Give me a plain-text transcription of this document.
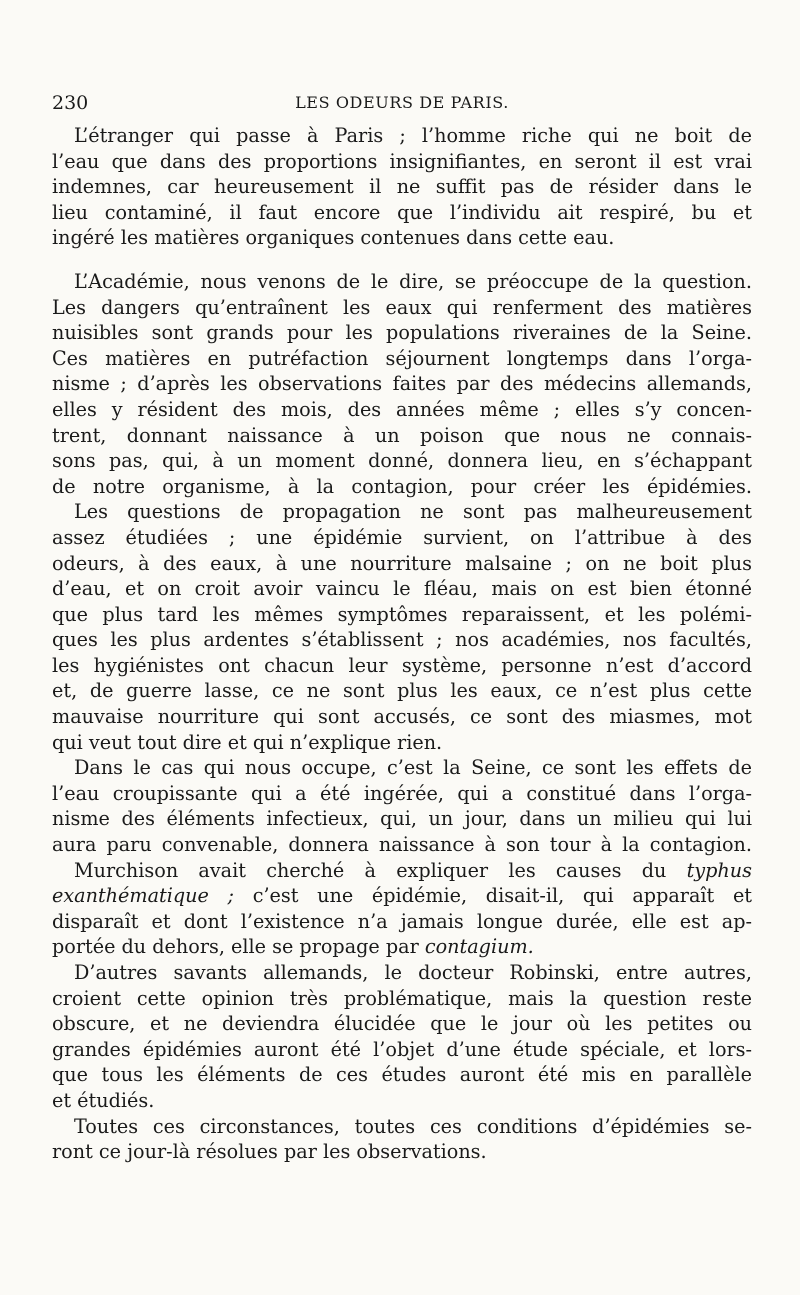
230	LES ODEURS DE PARIS.
L’étranger qui passe à Paris ; l’homme riche qui ne boit de
l’eau que dans des proportions insignifiantes, en seront il est vrai
indemnes, car heureusement il ne suffit pas de résider dans le
lieu contaminé, il faut encore que l’individu ait respiré, bu et
ingéré les matières organiques contenues dans cette eau.
L’Académie, nous venons de le dire, se préoccupe de la question.
Les dangers qu’entraînent les eaux qui renferment des matières
nuisibles sont grands pour les populations riveraines de la Seine.
Ces matières en putréfaction séjournent longtemps dans l’orga-
nisme ; d’après les observations faites par des médecins allemands,
elles y résident des mois, des années même ; elles s’y concen-
trent, donnant naissance à un poison que nous ne connais-
sons pas, qui, à un moment donné, donnera lieu, en s’échappant
de notre organisme, à la contagion, pour créer les épidémies.
Les questions de propagation ne sont pas malheureusement
assez étudiées ; une épidémie survient, on l’attribue à des
odeurs, à des eaux, à une nourriture malsaine ; on ne boit plus
d’eau, et on croit avoir vaincu le fléau, mais on est bien étonné
que plus tard les mêmes symptômes reparaissent, et les polémi-
ques les plus ardentes s’établissent ; nos académies, nos facultés,
les hygiénistes ont chacun leur système, personne n’est d’accord
et, de guerre lasse, ce ne sont plus les eaux, ce n’est plus cette
mauvaise nourriture qui sont accusés, ce sont des miasmes, mot
qui veut tout dire et qui n’explique rien.
Dans le cas qui nous occupe, c’est la Seine, ce sont les effets de
l’eau croupissante qui a été ingérée, qui a constitué dans l’orga-
nisme des éléments infectieux, qui, un jour, dans un milieu qui lui
aura paru convenable, donnera naissance à son tour à la contagion.
Murchison avait cherché à expliquer les causes du typhus
exanthématique ; c’est une épidémie, disait-il, qui apparaît et
disparaît et dont l’existence n’a jamais longue durée, elle est ap-
portée du dehors, elle se propage par contagium.
D’autres savants allemands, le docteur Robinski, entre autres,
croient cette opinion très problématique, mais la question reste
obscure, et ne deviendra élucidée que le jour où les petites ou
grandes épidémies auront été l’objet d’une étude spéciale, et lors-
que tous les éléments de ces études auront été mis en parallèle
et étudiés.
Toutes ces circonstances, toutes ces conditions d’épidémies se-
ront ce jour-là résolues par les observations.
